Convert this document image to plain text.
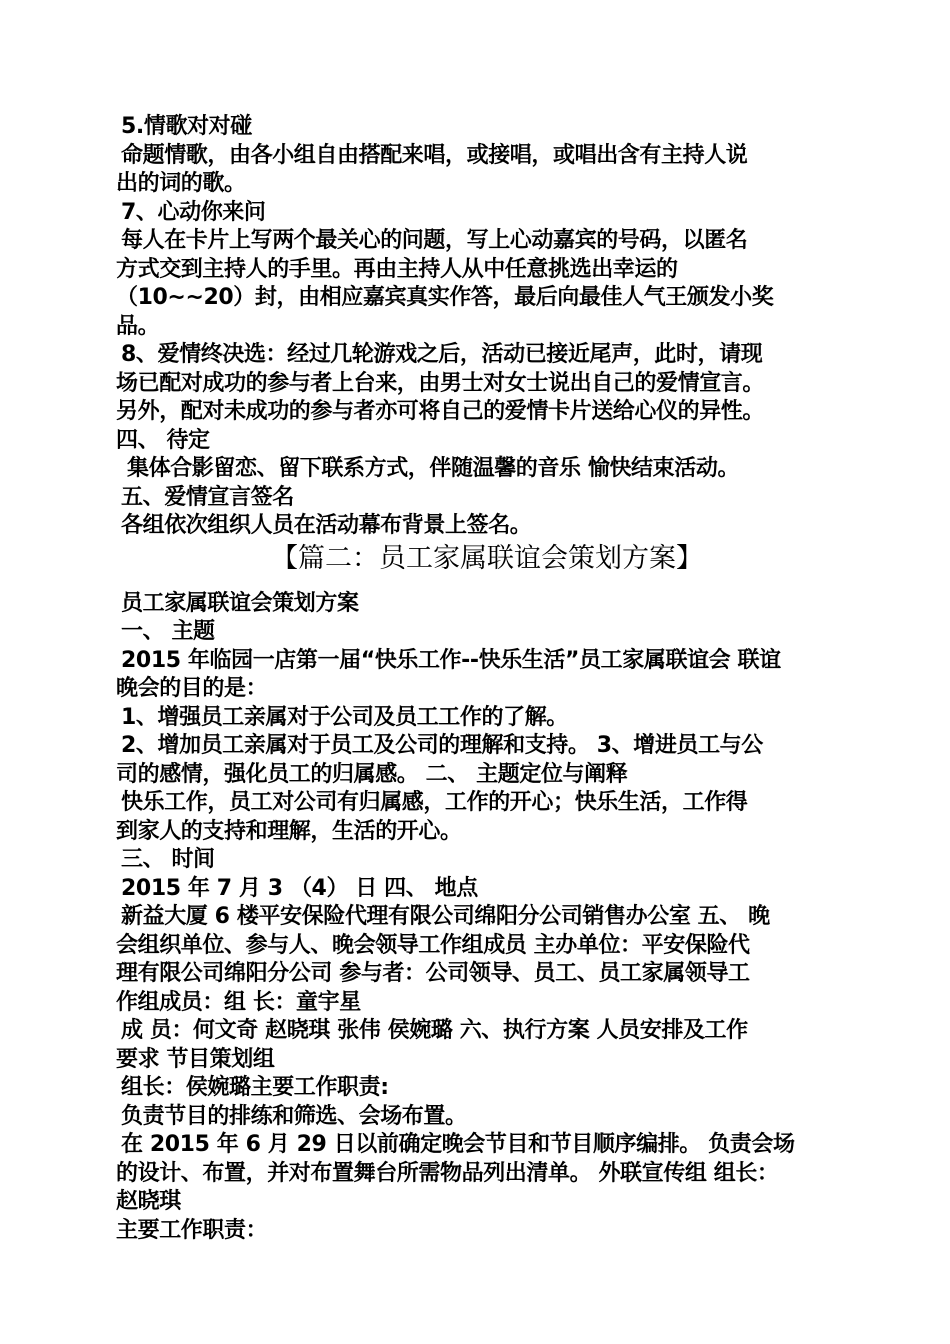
5.情歌对对碰
命题情歌，由各小组自由搭配来唱，或接唱，或唱出含有主持人说
出的词的歌。
7、心动你来问
每人在卡片上写两个最关心的问题，写上心动嘉宾的号码，以匿名
方式交到主持人的手里。再由主持人从中任意挑选出幸运的
（10~~20）封，由相应嘉宾真实作答，最后向最佳人气王颁发小奖
品。
8、爱情终决选：经过几轮游戏之后，活动已接近尾声，此时，请现
场已配对成功的参与者上台来，由男士对女士说出自己的爱情宣言。
另外，配对未成功的参与者亦可将自己的爱情卡片送给心仪的异性。
四、 待定
集体合影留恋、留下联系方式，伴随温馨的音乐 愉快结束活动。
五、爱情宣言签名
各组依次组织人员在活动幕布背景上签名。
【篇二：员工家属联谊会策划方案】
员工家属联谊会策划方案
一、 主题
2015 年临园一店第一届“快乐工作--快乐生活”员工家属联谊会 联谊
晚会的目的是：
1、增强员工亲属对于公司及员工工作的了解。
2、增加员工亲属对于员工及公司的理解和支持。 3、增进员工与公
司的感情，强化员工的归属感。 二、 主题定位与阐释
快乐工作，员工对公司有归属感，工作的开心；快乐生活，工作得
到家人的支持和理解，生活的开心。
三、 时间
2015 年 7 月 3 （4） 日 四、 地点
新益大厦 6 楼平安保险代理有限公司绵阳分公司销售办公室 五、 晚
会组织单位、参与人、晚会领导工作组成员 主办单位：平安保险代
理有限公司绵阳分公司 参与者：公司领导、员工、员工家属领导工
作组成员：组 长：童宇星
成 员：何文奇 赵晓琪 张伟 侯婉璐 六、执行方案 人员安排及工作
要求 节目策划组
组长：侯婉璐主要工作职责:
负责节目的排练和筛选、会场布置。
在 2015 年 6 月 29 日以前确定晚会节目和节目顺序编排。 负责会场
的设计、布置，并对布置舞台所需物品列出清单。 外联宣传组 组长：
赵晓琪
主要工作职责：
